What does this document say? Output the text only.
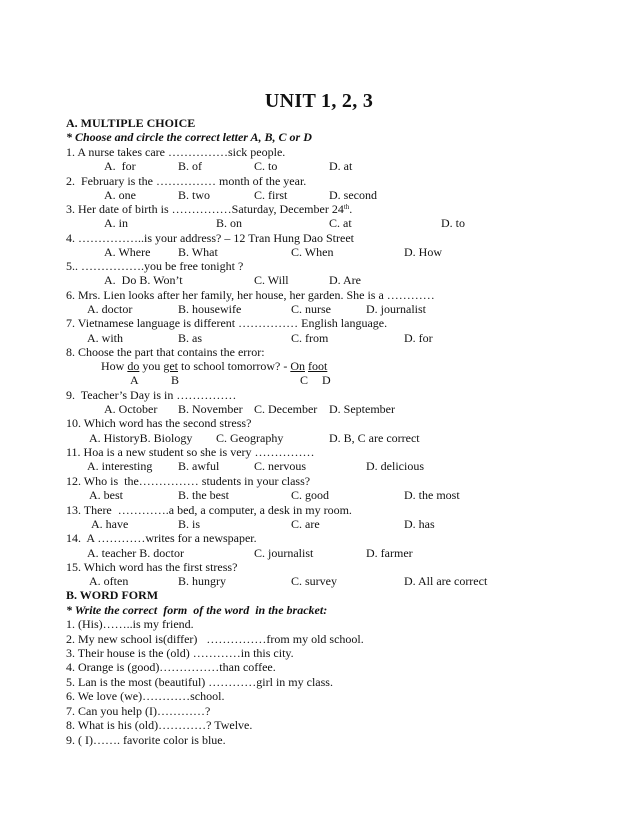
UNIT 1, 2, 3
A. MULTIPLE CHOICE
* Choose and circle the correct letter A, B, C or D
1. A nurse takes care ……………sick people.

A.  for

	B. of

	C. to

	D. at

2.  February is the …………… month of the year.

A. one

	B. two

	C. first

	D. second

3. Her date of birth is ……………Saturday, December 24th.

A. in

	B. on

	C. at

	D. to

4. ……………..is your address? – 12 Tran Hung Dao Street

A. Where

B. What

	C. When

	D. How

5.. …………….you be free tonight ?

A.  Do B. Won’t

	C. Will

	D. Are

6. Mrs. Lien looks after her family, her house, her garden. She is a …………

A. doctor

	B. housewife

	C. nurse

	D. journalist

7. Vietnamese language is different …………… English language.

A. with

	B. as

	C. from

	D. for

8. Choose the part that contains the error:
How do you get to school tomorrow? - On foot

A

	B

	C

D

9.  Teacher’s Day is in ……………

A. October

B. November

C. December

D. September

10. Which word has the second stress?

A. HistoryB. Biology

C. Geography

	D. B, C are correct

11. Hoa is a new student so she is very ……………

A. interesting

B. awful

	C. nervous

	D. delicious

12. Who is  the…………… students in your class?

A. best

	B. the best

	C. good

	D. the most

13. There  ………….a bed, a computer, a desk in my room.

A. have

	B. is

	C. are

	D. has

14.  A …………writes for a newspaper.

A. teacher B. doctor

	C. journalist

	D. farmer

15. Which word has the first stress?

A. often

	B. hungry

	C. survey

	D. All are correct

B. WORD FORM
* Write the correct  form  of the word  in the bracket:
1. (His)……..is my friend.
2. My new school is(differ)   ……………from my old school.
3. Their house is the (old) …………in this city.
4. Orange is (good)……………than coffee.
5. Lan is the most (beautiful) …………girl in my class.
6. We love (we)…………school.
7. Can you help (I)…………?
8. What is his (old)…………? Twelve.
9. ( I)……. favorite color is blue.
